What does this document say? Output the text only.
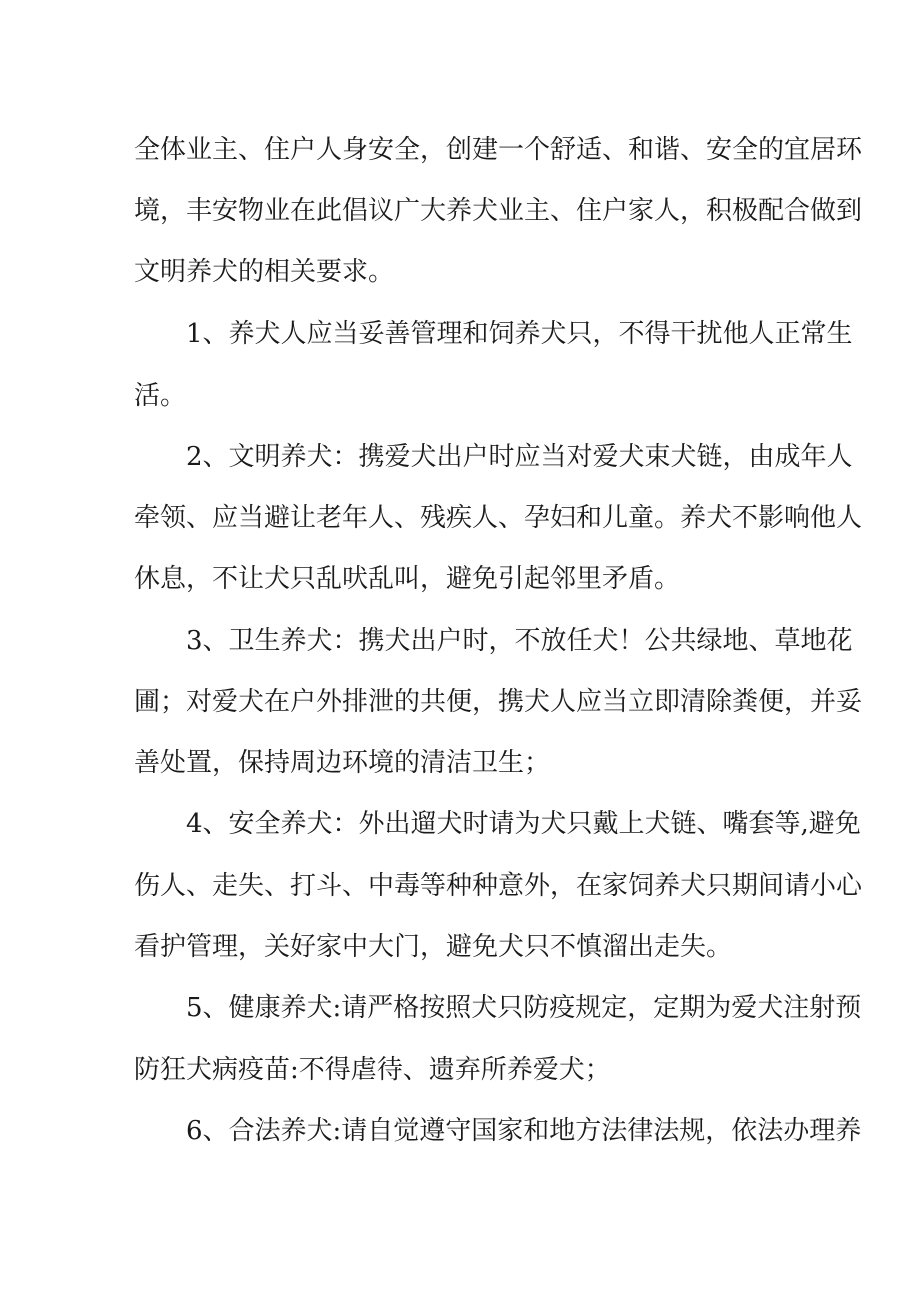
全体业主、住户人身安全，创建一个舒适、和谐、安全的宜居环
境，丰安物业在此倡议广大养犬业主、住户家人，积极配合做到
文明养犬的相关要求。
1、养犬人应当妥善管理和饲养犬只，不得干扰他人正常生
活。
2、文明养犬：携爱犬出户时应当对爱犬束犬链，由成年人
牵领、应当避让老年人、残疾人、孕妇和儿童。养犬不影响他人
休息，不让犬只乱吠乱叫，避免引起邻里矛盾。
3、卫生养犬：携犬出户时，不放任犬！公共绿地、草地花
圃；对爱犬在户外排泄的共便，携犬人应当立即清除粪便，并妥
善处置，保持周边环境的清洁卫生；
4、安全养犬：外出遛犬时请为犬只戴上犬链、嘴套等,避免
伤人、走失、打斗、中毒等种种意外，在家饲养犬只期间请小心
看护管理，关好家中大门，避免犬只不慎溜出走失。
5、健康养犬:请严格按照犬只防疫规定，定期为爱犬注射预
防狂犬病疫苗:不得虐待、遗弃所养爱犬；
6、合法养犬:请自觉遵守国家和地方法律法规，依法办理养
